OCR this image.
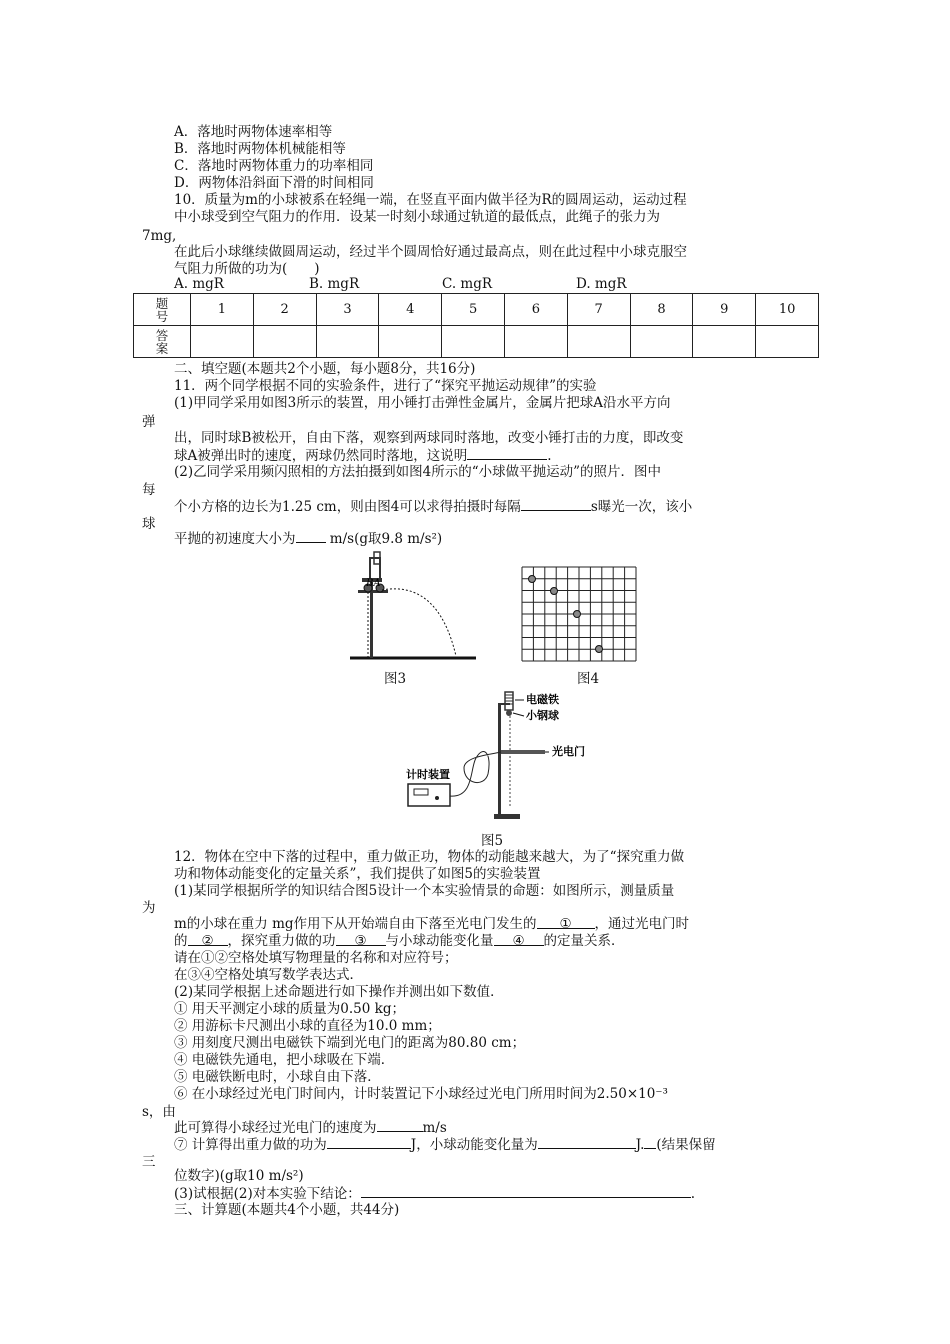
A．落地时两物体速率相等
B．落地时两物体机械能相等
C．落地时两物体重力的功率相同
D．两物体沿斜面下滑的时间相同
10．质量为m的小球被系在轻绳一端，在竖直平面内做半径为R的圆周运动，运动过程
中小球受到空气阻力的作用．设某一时刻小球通过轨道的最低点，此绳子的张力为
7mg,
在此后小球继续做圆周运动，经过半个圆周恰好通过最高点，则在此过程中小球克服空
气阻力所做的功为(　　)
A. mgR	B. mgR	C. mgR	D. mgR
题号	1	2	3	4	5	6	7	8	9	10
答案										
二、填空题(本题共2个小题，每小题8分，共16分)
11．两个同学根据不同的实验条件，进行了“探究平抛运动规律”的实验
(1)甲同学采用如图3所示的装置，用小锤打击弹性金属片，金属片把球A沿水平方向
弹
出，同时球B被松开，自由下落，观察到两球同时落地，改变小锤打击的力度，即改变
球A被弹出时的速度，两球仍然同时落地，这说明	.
(2)乙同学采用频闪照相的方法拍摄到如图4所示的“小球做平抛运动”的照片．图中
每
个小方格的边长为1.25 cm，则由图4可以求得拍摄时每隔	s曝光一次，该小
球
平抛的初速度大小为	m/s(g取9.8 m/s²)
BA
图3	图4
电磁铁
小钢球
光电门
计时装置
图5
12．物体在空中下落的过程中，重力做正功，物体的动能越来越大，为了“探究重力做
功和物体动能变化的定量关系”，我们提供了如图5的实验装置
(1)某同学根据所学的知识结合图5设计一个本实验情景的命题：如图所示，测量质量
为
m的小球在重力 mg作用下从开始端自由下落至光电门发生的 ① ，通过光电门时
的 ② ，探究重力做的功 ③ 与小球动能变化量 ④ 的定量关系．
请在①②空格处填写物理量的名称和对应符号；
在③④空格处填写数学表达式．
(2)某同学根据上述命题进行如下操作并测出如下数值．
① 用天平测定小球的质量为0.50 kg；
② 用游标卡尺测出小球的直径为10.0 mm；
③ 用刻度尺测出电磁铁下端到光电门的距离为80.80 cm；
④ 电磁铁先通电，把小球吸在下端．
⑤ 电磁铁断电时，小球自由下落．
⑥ 在小球经过光电门时间内，计时装置记下小球经过光电门所用时间为2.50×10⁻³
s，由
此可算得小球经过光电门的速度为	m/s
⑦ 计算得出重力做的功为	J，小球动能变化量为	J. (结果保留
三
位数字)(g取10 m/s²)
(3)试根据(2)对本实验下结论：	.
三、计算题(本题共4个小题，共44分)
